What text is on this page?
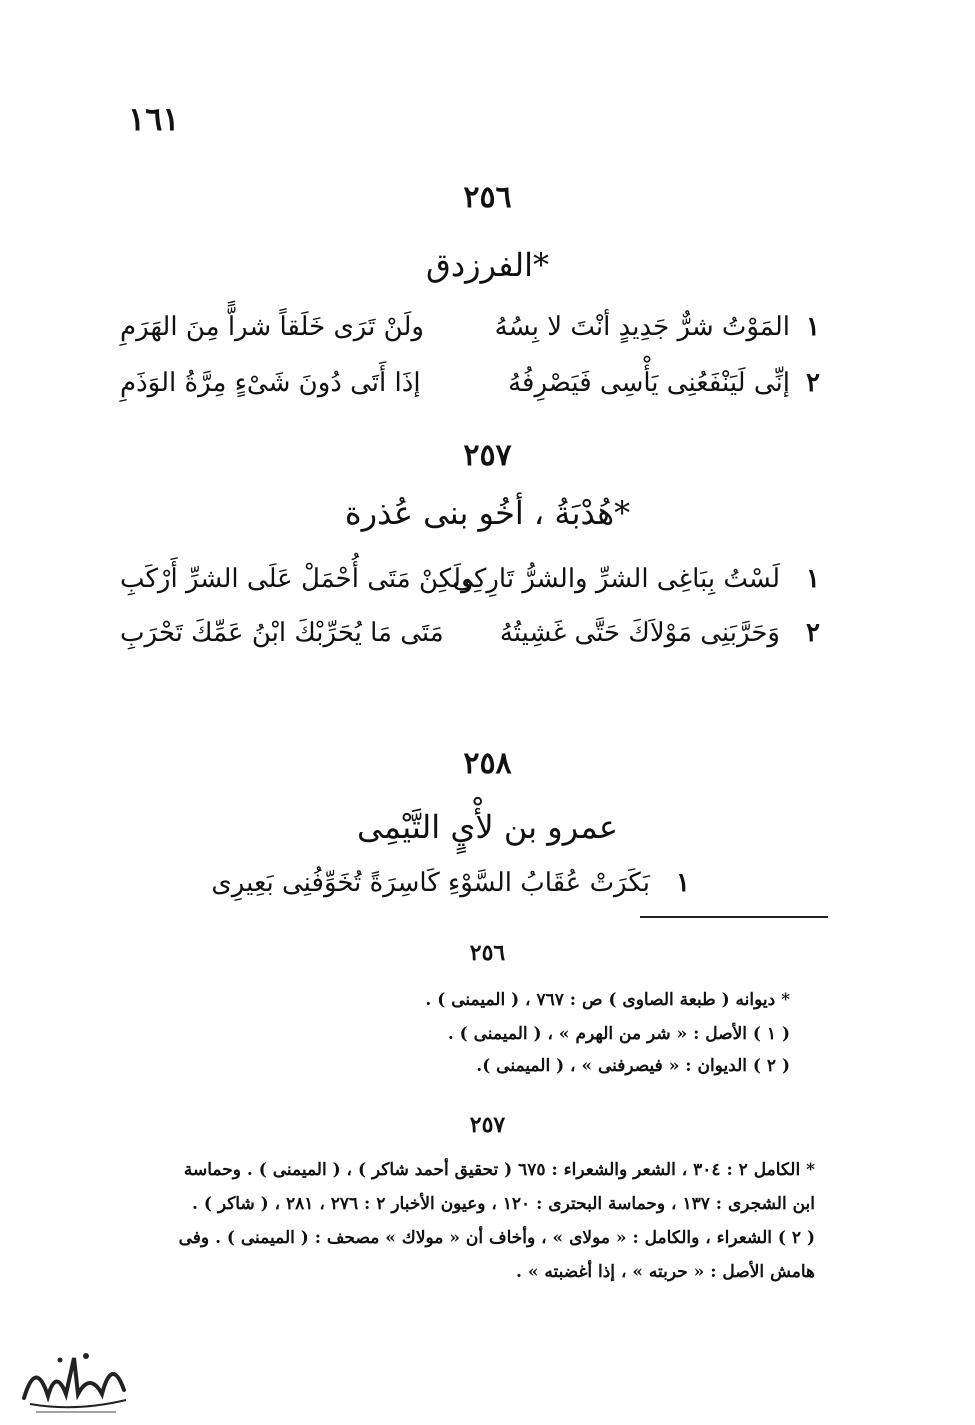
١٦١
٢٥٦
الفرزدق*
١
المَوْتُ شرٌّ جَدِيدٍ أنْتَ لا بِسُهُ
ولَنْ تَرَى خَلَقاً شراًّ مِنَ الهَرَمِ
٢
إنِّى لَيَنْفَعُنِى يَأْسِى فَيَصْرِفُهُ
إذَا أَتَى دُونَ شَىْءٍ مِرَّةُ الوَذَمِ
٢٥٧
هُدْبَةُ ، أخُو بنى عُذرة*
١
لَسْتُ بِبَاغِى الشرِّ والشرُّ تَارِكِى
ولَكِنْ مَتَى أُحْمَلْ عَلَى الشرِّ أَرْكَبِ
٢
وَحَرَّبَنِى مَوْلاَكَ حَتَّى غَشِيتُهُ
مَتَى مَا يُحَرِّبْكَ ابْنُ عَمِّكَ تَحْرَبِ
٢٥٨
عمرو بن لأْيٍ التَّيْمِى
١
بَكَرَتْ عُقَابُ السَّوْءِ كَاسِرَةً تُخَوِّفُنِى بَعِيرِى
٢٥٦
* ديوانه ( طبعة الصاوى ) ص : ٧٦٧ ، ( الميمنى ) .
( ١ ) الأصل : « شر من الهرم » ، ( الميمنى ) .
( ٢ ) الديوان : « فيصرفنى » ، ( الميمنى ).
٢٥٧
* الكامل ٢ : ٣٠٤ ، الشعر والشعراء : ٦٧٥ ( تحقيق أحمد شاكر ) ، ( الميمنى ) . وحماسة
ابن الشجرى : ١٣٧ ، وحماسة البحترى : ١٢٠ ، وعيون الأخبار ٢ : ٢٧٦ ، ٢٨١ ، ( شاكر ) .
( ٢ ) الشعراء ، والكامل : « مولاى » ، وأخاف أن « مولاك » مصحف : ( الميمنى ) . وفى
هامش الأصل : « حربته » ، إذا أغضبته » .
